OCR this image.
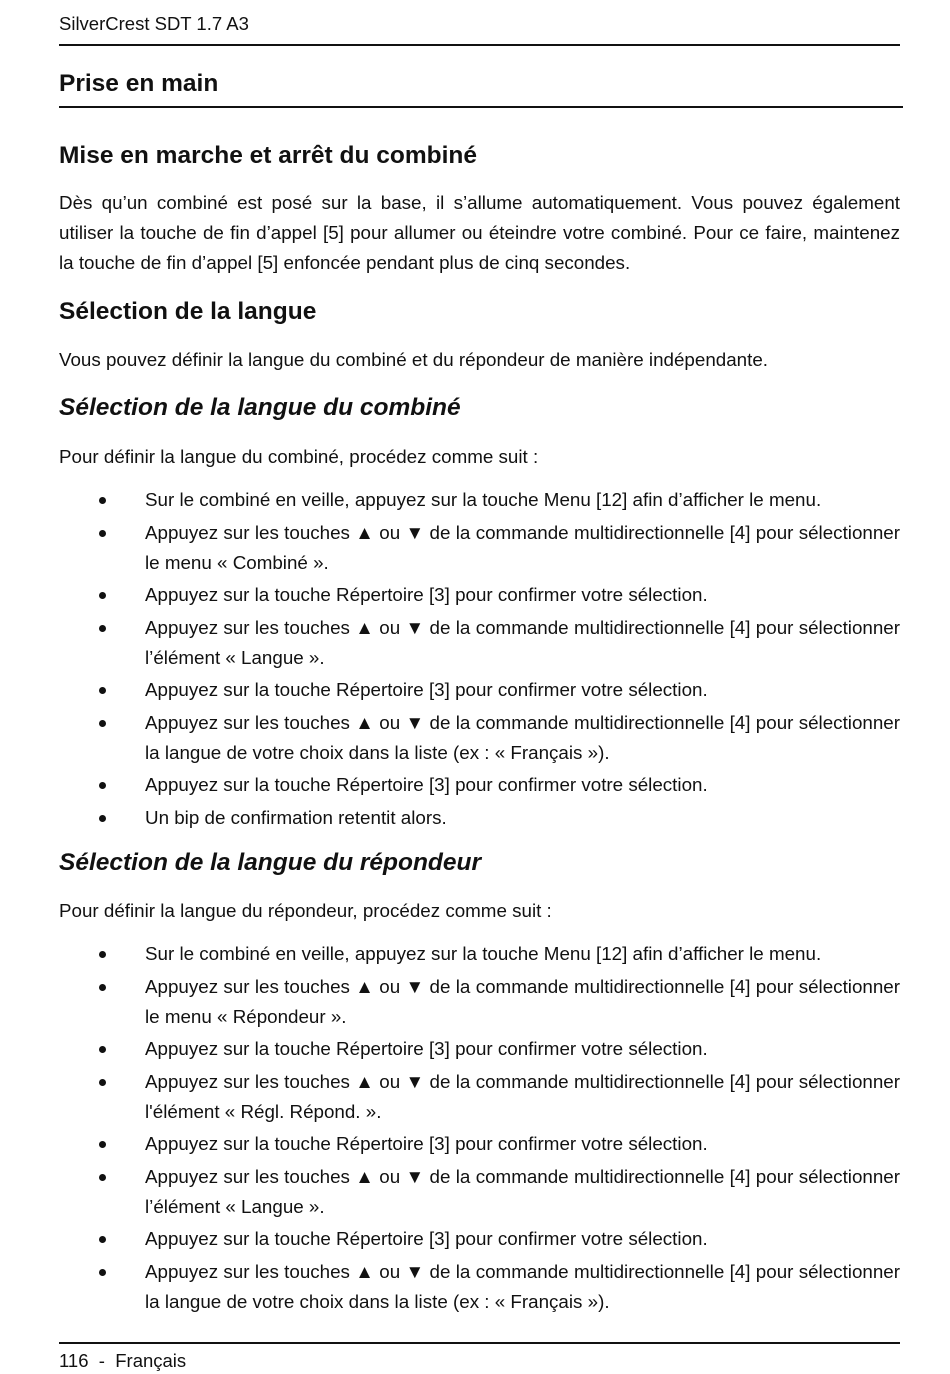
SilverCrest SDT 1.7 A3
Prise en main
Mise en marche et arrêt du combiné

Dès qu’un combiné est posé sur la base, il s’allume automatiquement. Vous pouvez également utiliser la touche de fin d’appel [5] pour allumer ou éteindre votre combiné. Pour ce faire, maintenez la touche de fin d’appel [5] enfoncée pendant plus de cinq secondes.

Sélection de la langue

Vous pouvez définir la langue du combiné et du répondeur de manière indépendante.

Sélection de la langue du combiné

Pour définir la langue du combiné, procédez comme suit :

Sur le combiné en veille, appuyez sur la touche Menu [12] afin d’afficher le menu.
Appuyez sur les touches ▲ ou ▼ de la commande multidirectionnelle [4] pour sélectionner le menu « Combiné ».
Appuyez sur la touche Répertoire [3] pour confirmer votre sélection.
Appuyez sur les touches ▲ ou ▼ de la commande multidirectionnelle [4] pour sélectionner l’élément « Langue ».
Appuyez sur la touche Répertoire [3] pour confirmer votre sélection.
Appuyez sur les touches ▲ ou ▼ de la commande multidirectionnelle [4] pour sélectionner la langue de votre choix dans la liste (ex : « Français »).
Appuyez sur la touche Répertoire [3] pour confirmer votre sélection.
Un bip de confirmation retentit alors.
Sélection de la langue du répondeur

Pour définir la langue du répondeur, procédez comme suit :

Sur le combiné en veille, appuyez sur la touche Menu [12] afin d’afficher le menu.
Appuyez sur les touches ▲ ou ▼ de la commande multidirectionnelle [4] pour sélectionner le menu « Répondeur ».
Appuyez sur la touche Répertoire [3] pour confirmer votre sélection.
Appuyez sur les touches ▲ ou ▼ de la commande multidirectionnelle [4] pour sélectionner l'élément « Régl. Répond. ».
Appuyez sur la touche Répertoire [3] pour confirmer votre sélection.
Appuyez sur les touches ▲ ou ▼ de la commande multidirectionnelle [4] pour sélectionner l’élément « Langue ».
Appuyez sur la touche Répertoire [3] pour confirmer votre sélection.
Appuyez sur les touches ▲ ou ▼ de la commande multidirectionnelle [4] pour sélectionner la langue de votre choix dans la liste (ex : « Français »).
116 - Français
